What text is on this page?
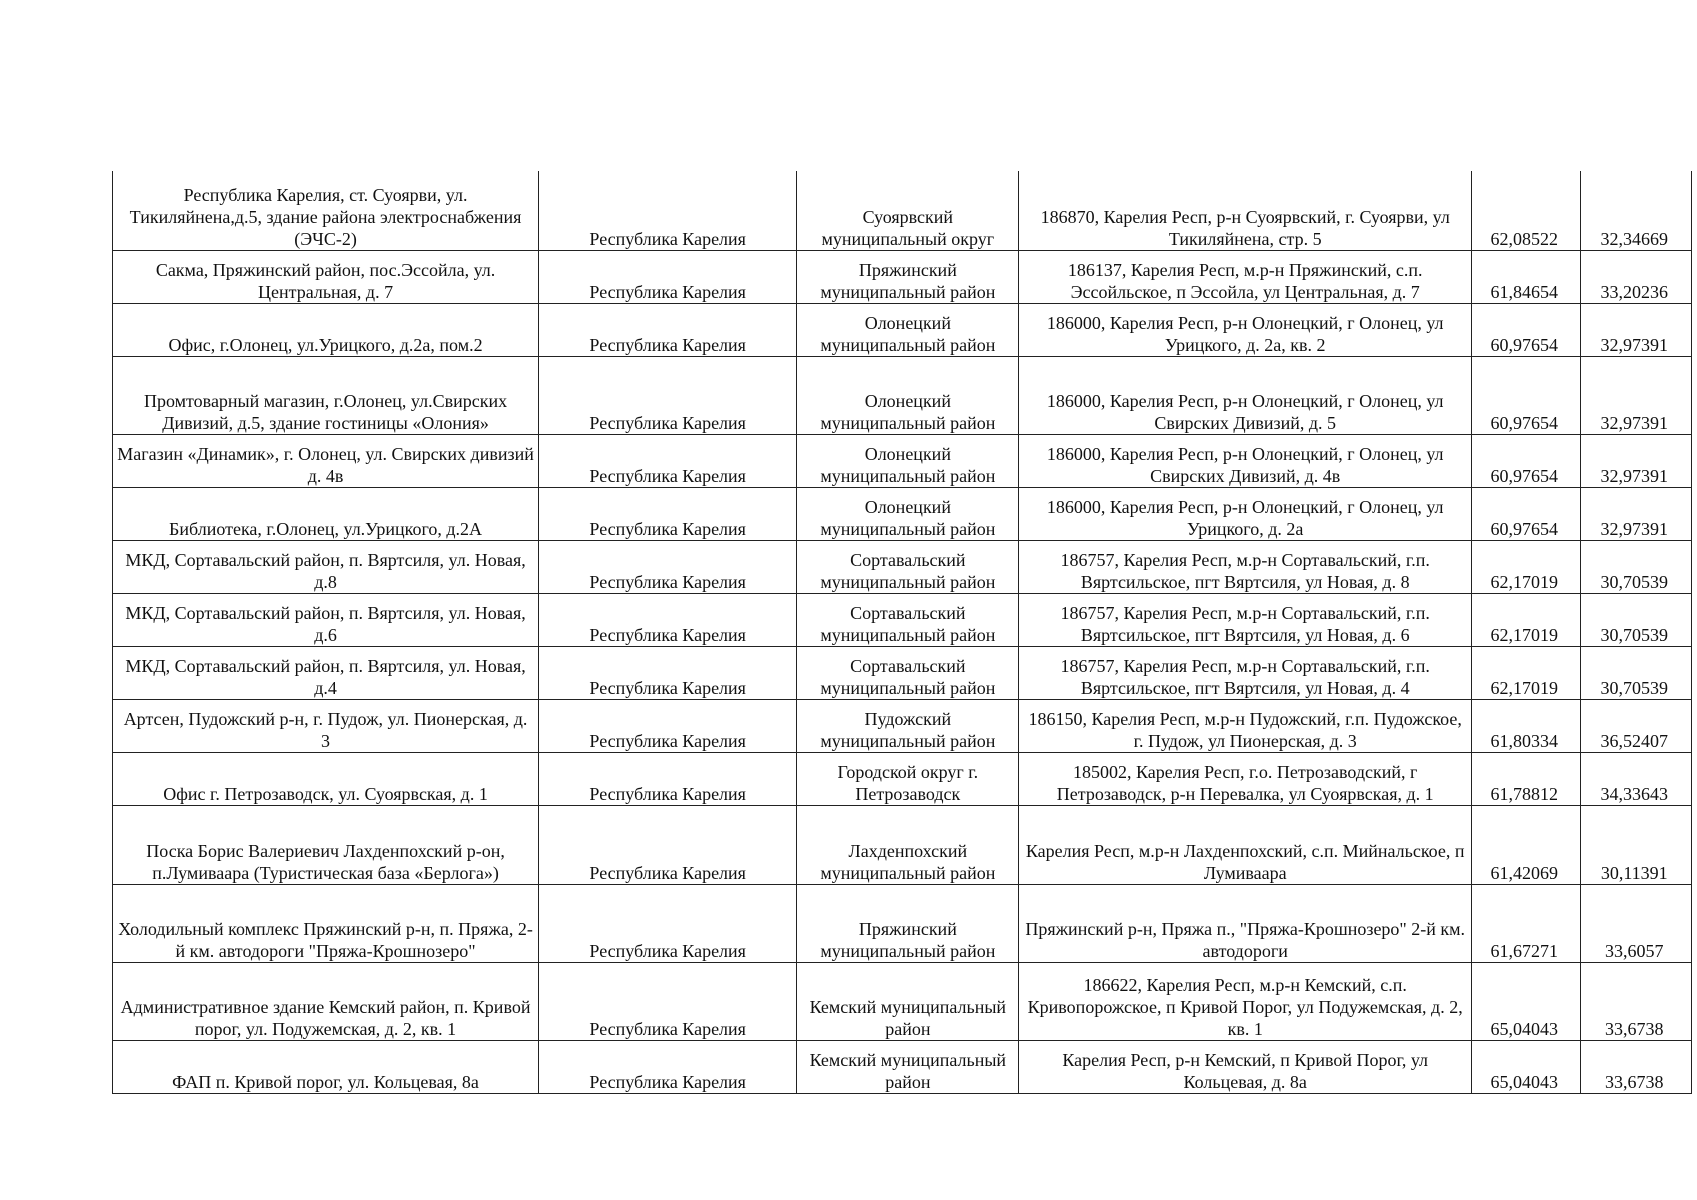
Республика Карелия, ст. Суоярви, ул. Тикиляйнена,д.5, здание района электроснабжения (ЭЧС-2)	Республика Карелия	Суоярвский муниципальный округ	186870, Карелия Респ, р-н Суоярвский, г. Суоярви, ул Тикиляйнена, стр. 5	62,08522	32,34669
Сакма, Пряжинский район, пос.Эссойла, ул. Центральная, д. 7	Республика Карелия	Пряжинский муниципальный район	186137, Карелия Респ, м.р-н Пряжинский, с.п. Эссойльское, п Эссойла, ул Центральная, д. 7	61,84654	33,20236
Офис, г.Олонец, ул.Урицкого, д.2а, пом.2	Республика Карелия	Олонецкий муниципальный район	186000, Карелия Респ, р-н Олонецкий, г Олонец, ул Урицкого, д. 2а, кв. 2	60,97654	32,97391
Промтоварный магазин, г.Олонец, ул.Свирских Дивизий, д.5, здание гостиницы «Олония»	Республика Карелия	Олонецкий муниципальный район	186000, Карелия Респ, р-н Олонецкий, г Олонец, ул Свирских Дивизий, д. 5	60,97654	32,97391
Магазин «Динамик», г. Олонец, ул. Свирских дивизий д. 4в	Республика Карелия	Олонецкий муниципальный район	186000, Карелия Респ, р-н Олонецкий, г Олонец, ул Свирских Дивизий, д. 4в	60,97654	32,97391
Библиотека, г.Олонец, ул.Урицкого, д.2А	Республика Карелия	Олонецкий муниципальный район	186000, Карелия Респ, р-н Олонецкий, г Олонец, ул Урицкого, д. 2а	60,97654	32,97391
МКД, Сортавальский район, п. Вяртсиля, ул. Новая, д.8	Республика Карелия	Сортавальский муниципальный район	186757, Карелия Респ, м.р-н Сортавальский, г.п. Вяртсильское, пгт Вяртсиля, ул Новая, д. 8	62,17019	30,70539
МКД, Сортавальский район, п. Вяртсиля, ул. Новая, д.6	Республика Карелия	Сортавальский муниципальный район	186757, Карелия Респ, м.р-н Сортавальский, г.п. Вяртсильское, пгт Вяртсиля, ул Новая, д. 6	62,17019	30,70539
МКД, Сортавальский район, п. Вяртсиля, ул. Новая, д.4	Республика Карелия	Сортавальский муниципальный район	186757, Карелия Респ, м.р-н Сортавальский, г.п. Вяртсильское, пгт Вяртсиля, ул Новая, д. 4	62,17019	30,70539
Артсен, Пудожский р-н, г. Пудож, ул. Пионерская, д. 3	Республика Карелия	Пудожский муниципальный район	186150, Карелия Респ, м.р-н Пудожский, г.п. Пудожское, г. Пудож, ул Пионерская, д. 3	61,80334	36,52407
Офис г. Петрозаводск, ул. Суоярвская, д. 1	Республика Карелия	Городской округ г. Петрозаводск	185002, Карелия Респ, г.о. Петрозаводский, г Петрозаводск, р-н Перевалка, ул Суоярвская, д. 1	61,78812	34,33643
Поска Борис Валериевич Лахденпохский р-он, п.Лумиваара (Туристическая база «Берлога»)	Республика Карелия	Лахденпохский муниципальный район	Карелия Респ, м.р-н Лахденпохский, с.п. Мийнальское, п Лумиваара	61,42069	30,11391
Холодильный комплекс Пряжинский р-н, п. Пряжа, 2-й км. автодороги "Пряжа-Крошнозеро"	Республика Карелия	Пряжинский муниципальный район	Пряжинский р-н, Пряжа п., "Пряжа-Крошнозеро" 2-й км. автодороги	61,67271	33,6057
Административное здание Кемский район, п. Кривой порог, ул. Подужемская, д. 2, кв. 1	Республика Карелия	Кемский муниципальный район	186622, Карелия Респ, м.р-н Кемский, с.п. Кривопорожское, п Кривой Порог, ул Подужемская, д. 2, кв. 1	65,04043	33,6738
ФАП п. Кривой порог, ул. Кольцевая, 8а	Республика Карелия	Кемский муниципальный район	Карелия Респ, р-н Кемский, п Кривой Порог, ул Кольцевая, д. 8а	65,04043	33,6738
